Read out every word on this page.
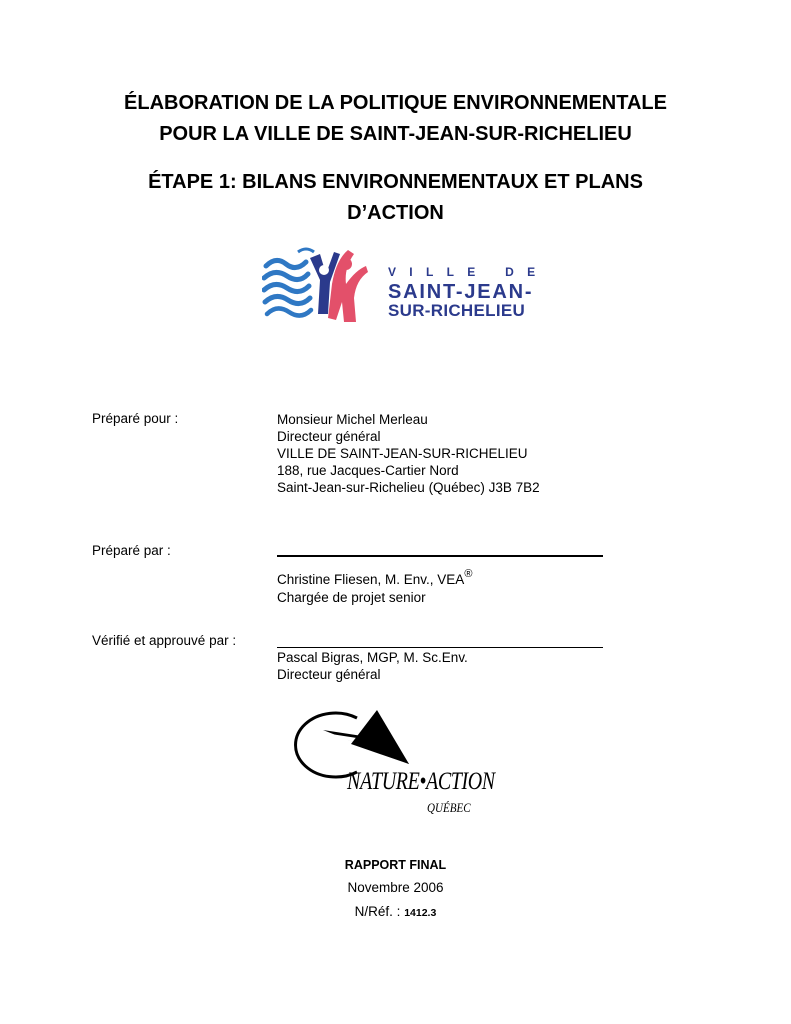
ÉLABORATION DE LA POLITIQUE ENVIRONNEMENTALE
POUR LA VILLE DE SAINT-JEAN-SUR-RICHELIEU
ÉTAPE 1: BILANS ENVIRONNEMENTAUX ET PLANS
D’ACTION
VILLE DE
SAINT-JEAN-
SUR-RICHELIEU
Préparé pour :	Monsieur Michel Merleau
Directeur général
VILLE DE SAINT-JEAN-SUR-RICHELIEU
188, rue Jacques-Cartier Nord
Saint-Jean-sur-Richelieu (Québec) J3B 7B2
Préparé par :
Christine Fliesen, M. Env., VEA®
Chargée de projet senior
Vérifié et approuvé par :
Pascal Bigras, MGP, M. Sc.Env.
Directeur général
NATURE•ACTION
QUÉBEC
RAPPORT FINAL
Novembre 2006
N/Réf. : 1412.3
